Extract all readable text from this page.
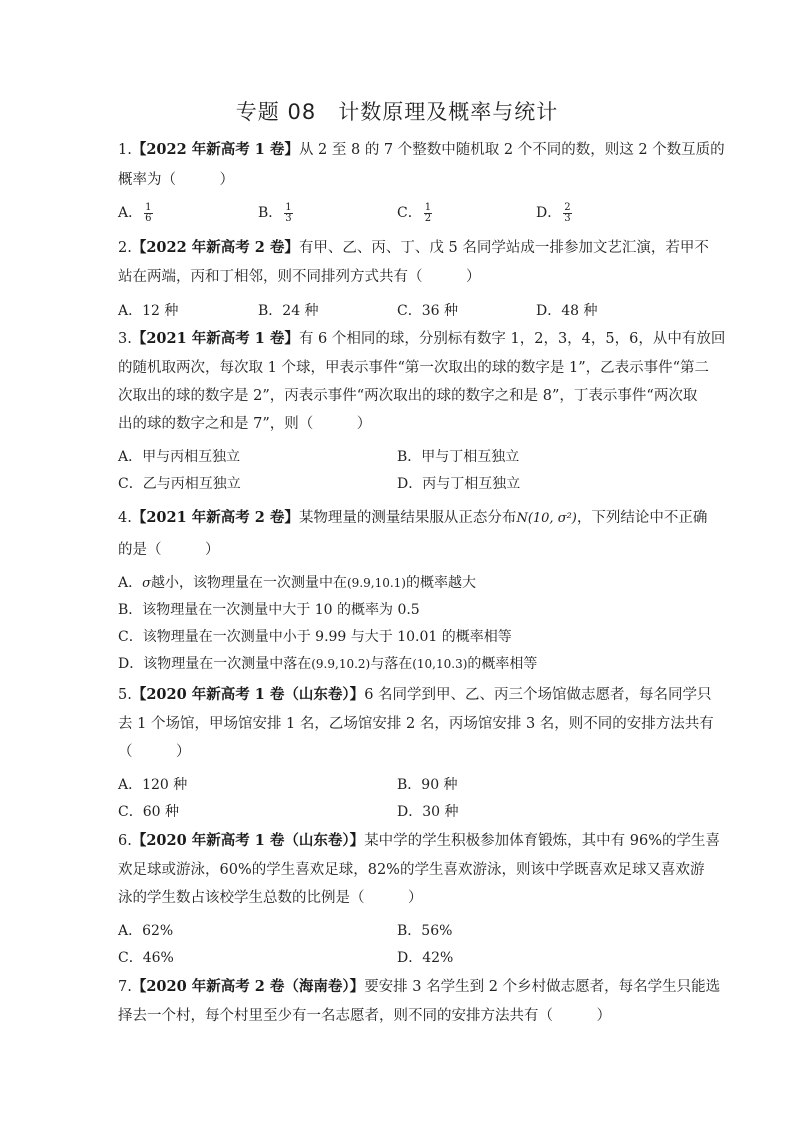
专题 08　计数原理及概率与统计
1.【2022 年新高考 1 卷】从 2 至 8 的 7 个整数中随机取 2 个不同的数，则这 2 个数互质的
概率为（　　　）
A． $\frac{1}{6}$	B． $\frac{1}{3}$	C． $\frac{1}{2}$	D． $\frac{2}{3}$
2.【2022 年新高考 2 卷】有甲、乙、丙、丁、戊 5 名同学站成一排参加文艺汇演，若甲不
站在两端，丙和丁相邻，则不同排列方式共有（　　　）
A．12 种	B．24 种	C．36 种	D．48 种
3.【2021 年新高考 1 卷】有 6 个相同的球，分别标有数字 1，2，3，4，5，6，从中有放回
的随机取两次，每次取 1 个球，甲表示事件“第一次取出的球的数字是 1”，乙表示事件“第二
次取出的球的数字是 2”，丙表示事件“两次取出的球的数字之和是 8”，丁表示事件“两次取
出的球的数字之和是 7”，则（　　　）
A．甲与丙相互独立	B．甲与丁相互独立
C．乙与丙相互独立	D．丙与丁相互独立
4.【2021 年新高考 2 卷】某物理量的测量结果服从正态分布N(10, σ²)，下列结论中不正确
的是（　　　）
A．σ越小，该物理量在一次测量中在(9.9,10.1)的概率越大
B．该物理量在一次测量中大于 10 的概率为 0.5
C．该物理量在一次测量中小于 9.99 与大于 10.01 的概率相等
D．该物理量在一次测量中落在(9.9,10.2)与落在(10,10.3)的概率相等
5.【2020 年新高考 1 卷（山东卷）】6 名同学到甲、乙、丙三个场馆做志愿者，每名同学只
去 1 个场馆，甲场馆安排 1 名，乙场馆安排 2 名，丙场馆安排 3 名，则不同的安排方法共有
（　　　）
A．120 种	B．90 种
C．60 种	D．30 种
6.【2020 年新高考 1 卷（山东卷）】某中学的学生积极参加体育锻炼，其中有 96%的学生喜
欢足球或游泳，60%的学生喜欢足球，82%的学生喜欢游泳，则该中学既喜欢足球又喜欢游
泳的学生数占该校学生总数的比例是（　　　）
A．62%	B．56%
C．46%	D．42%
7.【2020 年新高考 2 卷（海南卷）】要安排 3 名学生到 2 个乡村做志愿者，每名学生只能选
择去一个村，每个村里至少有一名志愿者，则不同的安排方法共有（　　　）
